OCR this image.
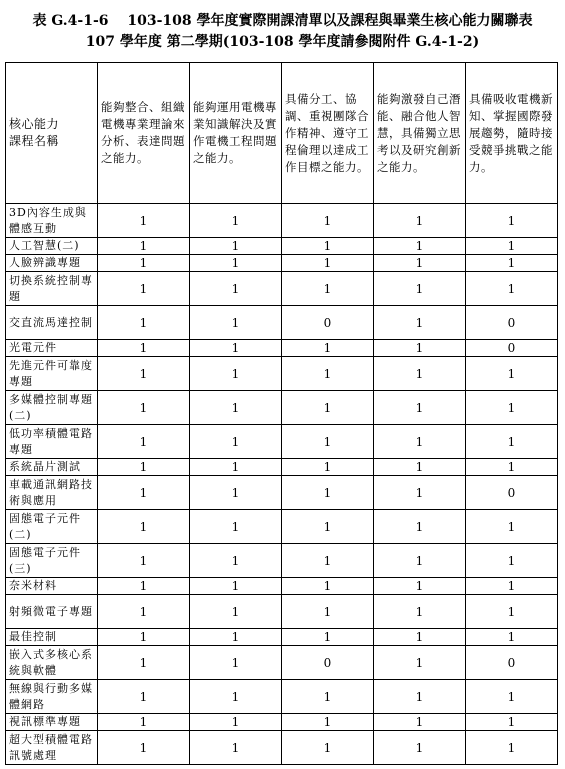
表 G.4-1-6　 103-108 學年度實際開課清單以及課程與畢業生核心能力關聯表
107 學年度 第二學期(103-108 學年度請參閱附件 G.4-1-2)
核心能力
課程名稱	能夠整合、組織電機專業理論來分析、表達問題之能力。	能夠運用電機專業知識解決及實作電機工程問題之能力。	具備分工、協調、重視團隊合作精神、遵守工程倫理以達成工作目標之能力。	能夠激發自己潛能、融合他人智慧，具備獨立思考以及研究創新之能力。	具備吸收電機新知、掌握國際發展趨勢，隨時接受競爭挑戰之能力。
3D內容生成與體感互動	1	1	1	1	1
人工智慧(二)	1	1	1	1	1
人臉辨識專題	1	1	1	1	1
切換系統控制專題	1	1	1	1	1
交直流馬達控制	1	1	0	1	0
光電元件	1	1	1	1	0
先進元件可靠度專題	1	1	1	1	1
多媒體控制專題(二)	1	1	1	1	1
低功率積體電路專題	1	1	1	1	1
系統晶片測試	1	1	1	1	1
車載通訊網路技術與應用	1	1	1	1	0
固態電子元件(二)	1	1	1	1	1
固態電子元件(三)	1	1	1	1	1
奈米材料	1	1	1	1	1
射頻微電子專題	1	1	1	1	1
最佳控制	1	1	1	1	1
嵌入式多核心系統與軟體	1	1	0	1	0
無線與行動多媒體網路	1	1	1	1	1
視訊標準專題	1	1	1	1	1
超大型積體電路訊號處理	1	1	1	1	1
